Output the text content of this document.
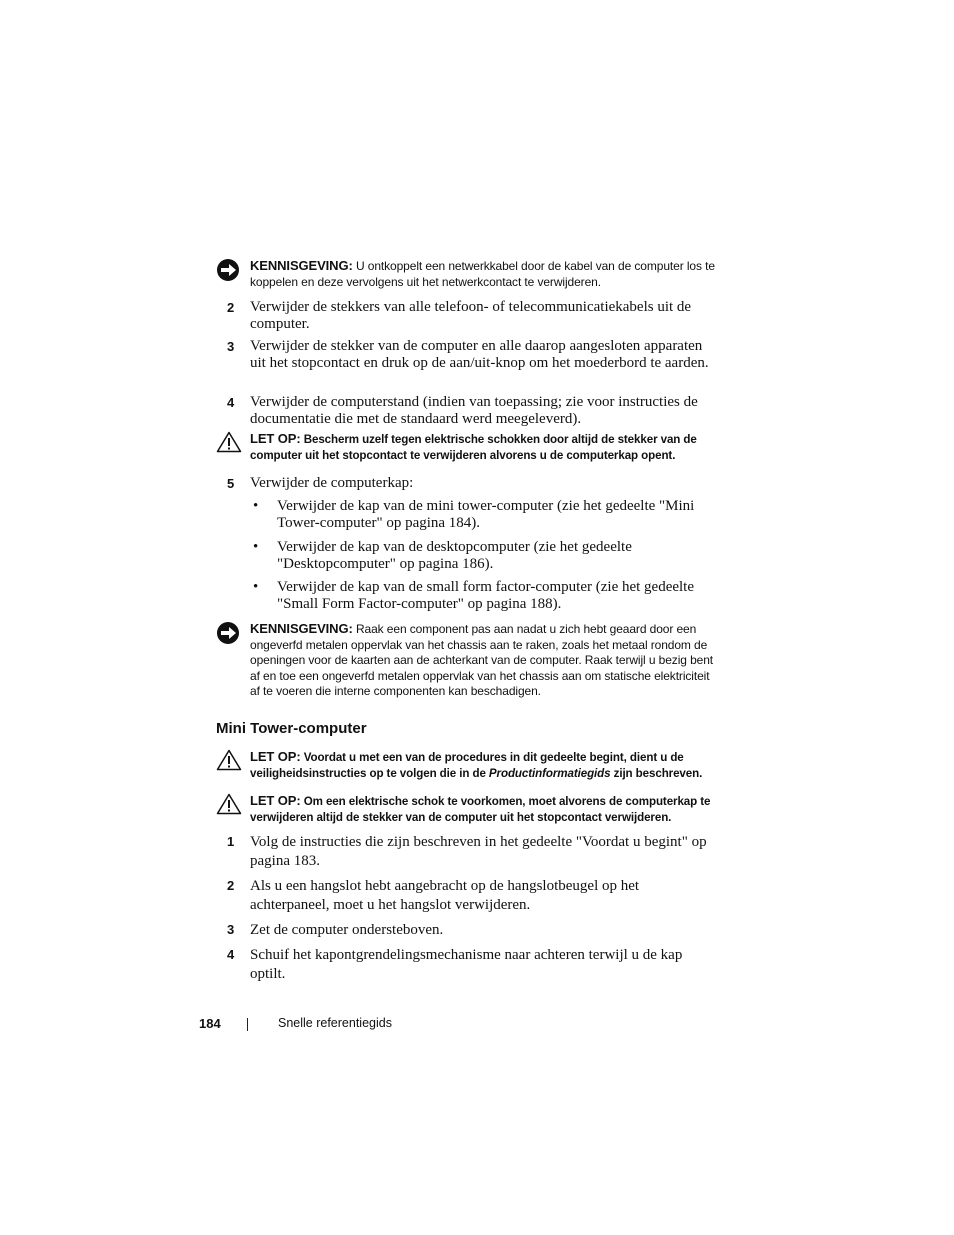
KENNISGEVING: U ontkoppelt een netwerkkabel door de kabel van de computer los te koppelen en deze vervolgens uit het netwerkcontact te verwijderen.
2 Verwijder de stekkers van alle telefoon- of telecommunicatiekabels uit de computer.
3 Verwijder de stekker van de computer en alle daarop aangesloten apparaten uit het stopcontact en druk op de aan/uit-knop om het moederbord te aarden.
4 Verwijder de computerstand (indien van toepassing; zie voor instructies de documentatie die met de standaard werd meegeleverd).
LET OP: Bescherm uzelf tegen elektrische schokken door altijd de stekker van de computer uit het stopcontact te verwijderen alvorens u de computerkap opent.
5 Verwijder de computerkap:
• Verwijder de kap van de mini tower-computer (zie het gedeelte "Mini Tower-computer" op pagina 184).
• Verwijder de kap van de desktopcomputer (zie het gedeelte "Desktopcomputer" op pagina 186).
• Verwijder de kap van de small form factor-computer (zie het gedeelte "Small Form Factor-computer" op pagina 188).
KENNISGEVING: Raak een component pas aan nadat u zich hebt geaard door een ongeverfd metalen oppervlak van het chassis aan te raken, zoals het metaal rondom de openingen voor de kaarten aan de achterkant van de computer. Raak terwijl u bezig bent af en toe een ongeverfd metalen oppervlak van het chassis aan om statische elektriciteit af te voeren die interne componenten kan beschadigen.
Mini Tower-computer
LET OP: Voordat u met een van de procedures in dit gedeelte begint, dient u de veiligheidsinstructies op te volgen die in de Productinformatiegids zijn beschreven.
LET OP: Om een elektrische schok te voorkomen, moet alvorens de computerkap te verwijderen altijd de stekker van de computer uit het stopcontact verwijderen.
1 Volg de instructies die zijn beschreven in het gedeelte "Voordat u begint" op pagina 183.
2 Als u een hangslot hebt aangebracht op de hangslotbeugel op het achterpaneel, moet u het hangslot verwijderen.
3 Zet de computer ondersteboven.
4 Schuif het kapontgrendelingsmechanisme naar achteren terwijl u de kap optilt.
184	Snelle referentiegids
